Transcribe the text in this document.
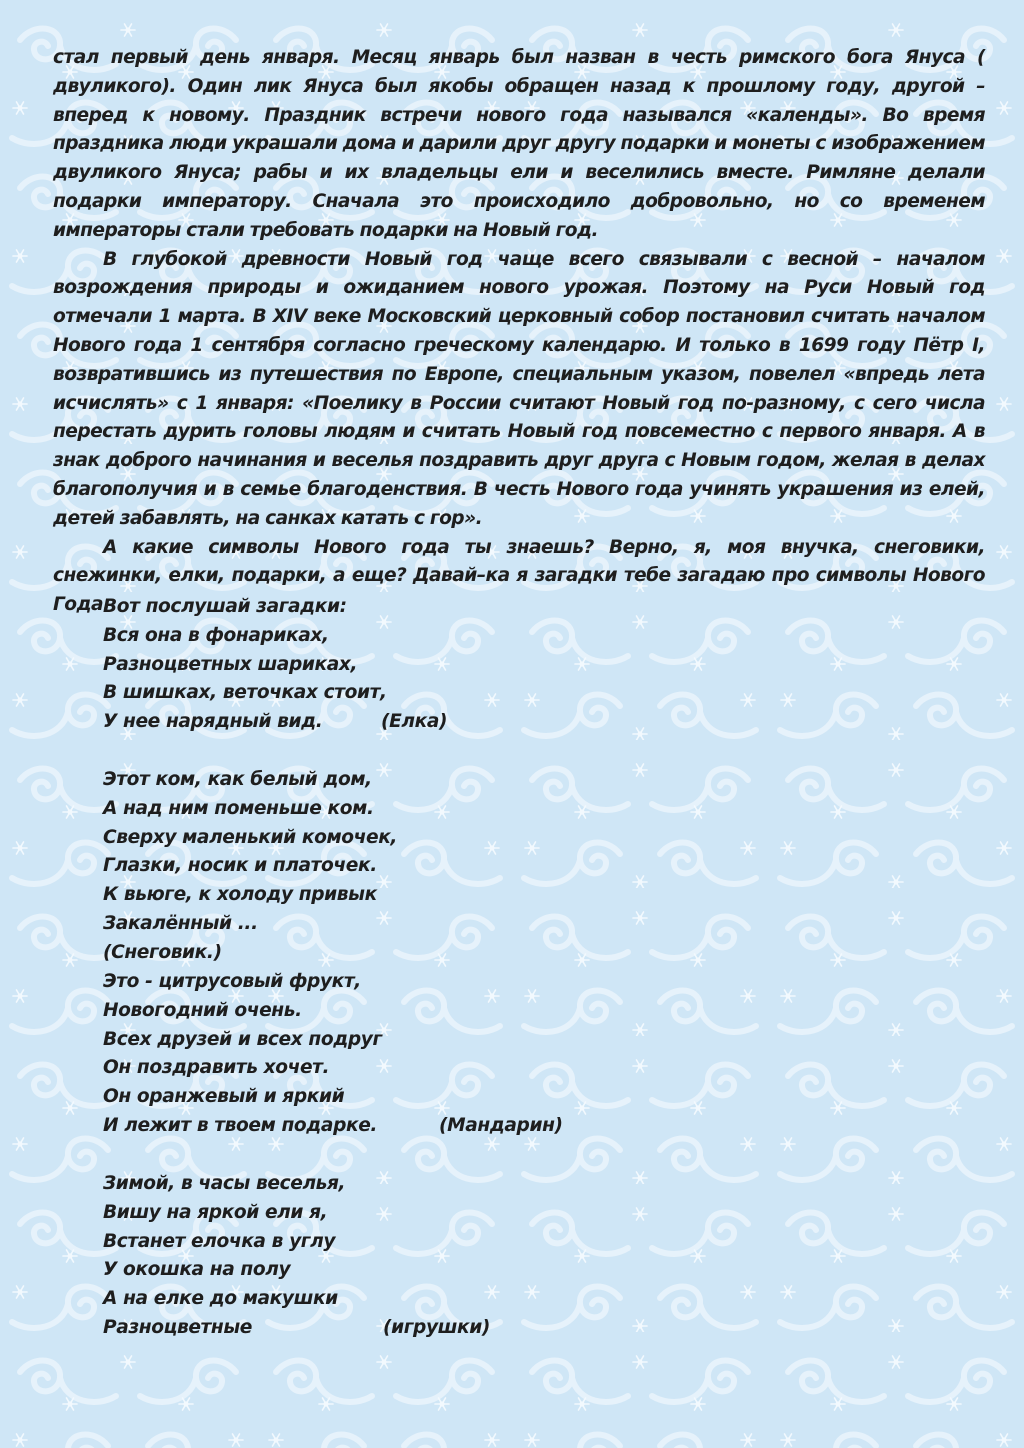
стал первый день января. Месяц январь был назван в честь римского бога Януса ( двуликого). Один лик Януса был якобы обращен назад к прошлому году, другой – вперед к новому. Праздник встречи нового года назывался «календы». Во время праздника люди украшали дома и дарили друг другу подарки и монеты с изображением двуликого Януса; рабы и их владельцы ели и веселились вместе. Римляне делали подарки императору. Сначала это происходило добровольно, но со временем императоры стали требовать подарки на Новый год.

В глубокой древности Новый год чаще всего связывали с весной – началом возрождения природы и ожиданием нового урожая. Поэтому на Руси Новый год отмечали 1 марта. В XIV веке Московский церковный собор постановил считать началом Нового года 1 сентября согласно греческому календарю. И только в 1699 году Пётр I, возвратившись из путешествия по Европе, специальным указом, повелел «впредь лета исчислять» с 1 января: «Поелику в России считают Новый год по-разному, с сего числа перестать дурить головы людям и считать Новый год повсеместно с первого января. А в знак доброго начинания и веселья поздравить друг друга с Новым годом, желая в делах благополучия и в семье благоденствия. В честь Нового года учинять украшения из елей, детей забавлять, на санках катать с гор».

А какие символы Нового года ты знаешь? Верно, я, моя внучка, снеговики, снежинки, елки, подарки, а еще? Давай–ка я загадки тебе загадаю про символы Нового Года.

Вот послушай загадки:
Вся она в фонариках,
Разноцветных шариках,
В шишках, веточках стоит,
У нее нарядный вид.	(Елка)
Этот ком, как белый дом,
А над ним поменьше ком.
Сверху маленький комочек,
Глазки, носик и платочек.
К вьюге, к холоду привык
Закалённый ...
(Снеговик.)
Это - цитрусовый фрукт,
Новогодний очень.
Всех друзей и всех подруг
Он поздравить хочет.
Он оранжевый и яркий
И лежит в твоем подарке.	(Мандарин)
Зимой, в часы веселья,
Вишу на яркой ели я,
Встанет елочка в углу
У окошка на полу
А на елке до макушки
Разноцветные	(игрушки)
